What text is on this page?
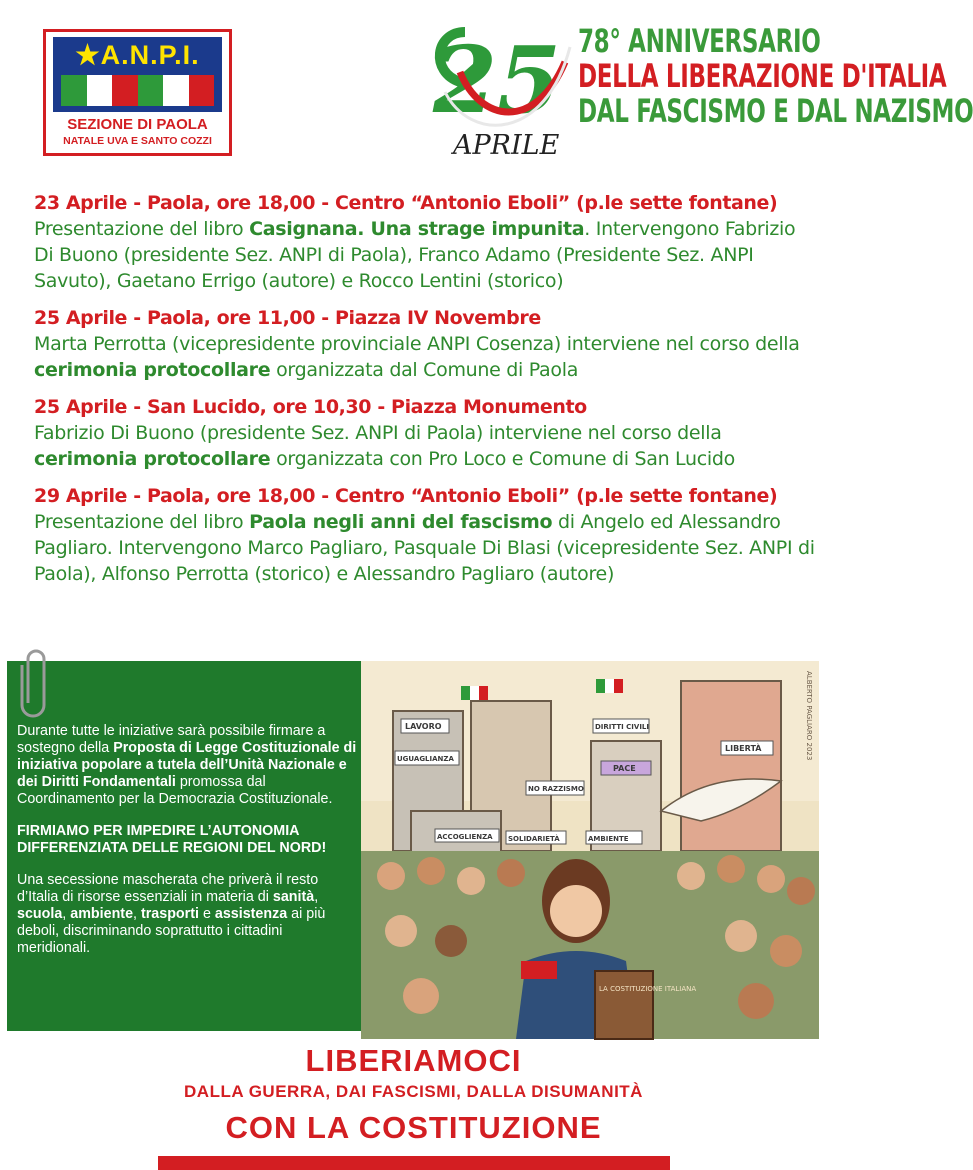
★A.N.P.I.
SEZIONE DI PAOLA
NATALE UVA E SANTO COZZI
25
APRILE
78° ANNIVERSARIO
DELLA LIBERAZIONE D'ITALIA
DAL FASCISMO E DAL NAZISMO
23 Aprile - Paola, ore 18,00 - Centro “Antonio Eboli” (p.le sette fontane)
Presentazione del libro Casignana. Una strage impunita. Intervengono Fabrizio Di Buono (presidente Sez. ANPI di Paola), Franco Adamo (Presidente Sez. ANPI Savuto), Gaetano Errigo (autore) e Rocco Lentini (storico)
25 Aprile - Paola, ore 11,00 - Piazza IV Novembre
Marta Perrotta (vicepresidente provinciale ANPI Cosenza) interviene nel corso della cerimonia protocollare organizzata dal Comune di Paola
25 Aprile - San Lucido, ore 10,30 - Piazza Monumento
Fabrizio Di Buono (presidente Sez. ANPI di Paola) interviene nel corso della cerimonia protocollare organizzata con Pro Loco e Comune di San Lucido
29 Aprile - Paola, ore 18,00 - Centro “Antonio Eboli” (p.le sette fontane)
Presentazione del libro Paola negli anni del fascismo di Angelo ed Alessandro Pagliaro. Intervengono Marco Pagliaro, Pasquale Di Blasi (vicepresidente Sez. ANPI di Paola), Alfonso Perrotta (storico) e Alessandro Pagliaro (autore)

Durante tutte le iniziative sarà possibile firmare a sostegno della Proposta di Legge Costituzionale di iniziativa popolare a tutela dell’Unità Nazionale e dei Diritti Fondamentali promossa dal Coordinamento per la Democrazia Costituzionale.

FIRMIAMO PER IMPEDIRE L’AUTONOMIA DIFFERENZIATA DELLE REGIONI DEL NORD!

Una secessione mascherata che priverà il resto d’Italia di risorse essenziali in materia di sanità, scuola, ambiente, trasporti e assistenza ai più deboli, discriminando soprattutto i cittadini meridionali.

LAVORO
UGUAGLIANZA
DIRITTI CIVILI
NO RAZZISMO
PACE
LIBERTÀ
ACCOGLIENZA SOLIDARIETÀ	AMBIENTE
LA COSTITUZIONE ITALIANA
ALBERTO PAGLIARO 2023
LIBERIAMOCI
DALLA GUERRA, DAI FASCISMI, DALLA DISUMANITÀ
CON LA COSTITUZIONE
